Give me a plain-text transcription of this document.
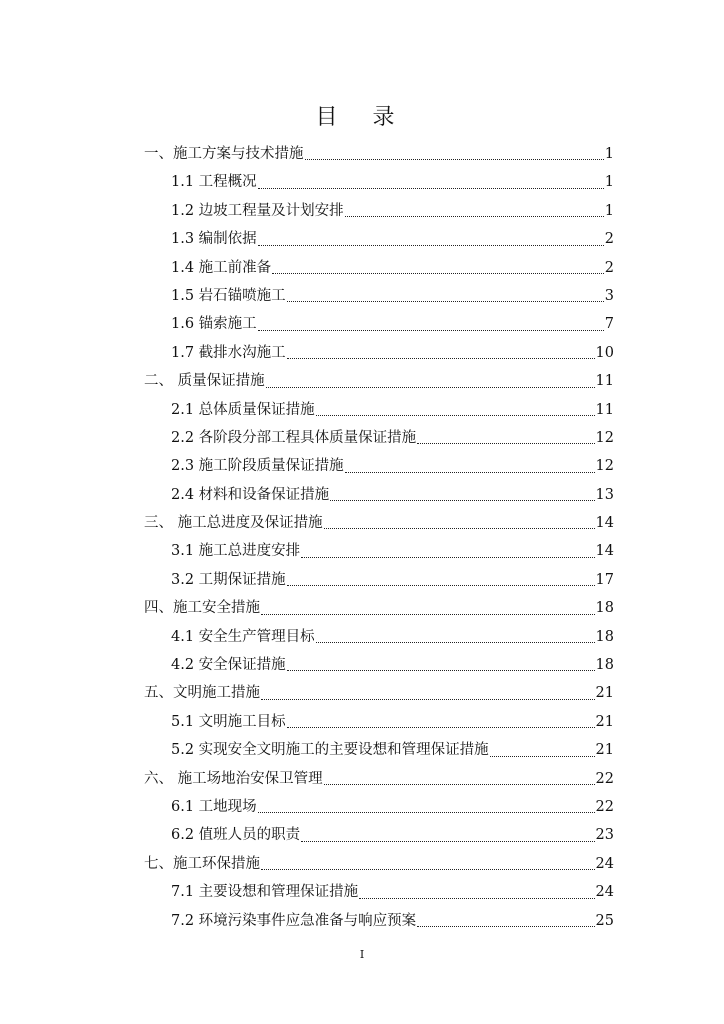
目 录
一、施工方案与技术措施	1
1.1 工程概况	1
1.2 边坡工程量及计划安排	1
1.3 编制依据	2
1.4 施工前准备	2
1.5 岩石锚喷施工	3
1.6 锚索施工	7
1.7 截排水沟施工	10
二、 质量保证措施	11
2.1 总体质量保证措施	11
2.2 各阶段分部工程具体质量保证措施	12
2.3 施工阶段质量保证措施	12
2.4 材料和设备保证措施	13
三、 施工总进度及保证措施	14
3.1 施工总进度安排	14
3.2 工期保证措施	17
四、施工安全措施	18
4.1 安全生产管理目标	18
4.2 安全保证措施	18
五、文明施工措施	21
5.1 文明施工目标	21
5.2 实现安全文明施工的主要设想和管理保证措施	21
六、 施工场地治安保卫管理	22
6.1 工地现场	22
6.2 值班人员的职责	23
七、施工环保措施	24
7.1 主要设想和管理保证措施	24
7.2 环境污染事件应急准备与响应预案	25
I
